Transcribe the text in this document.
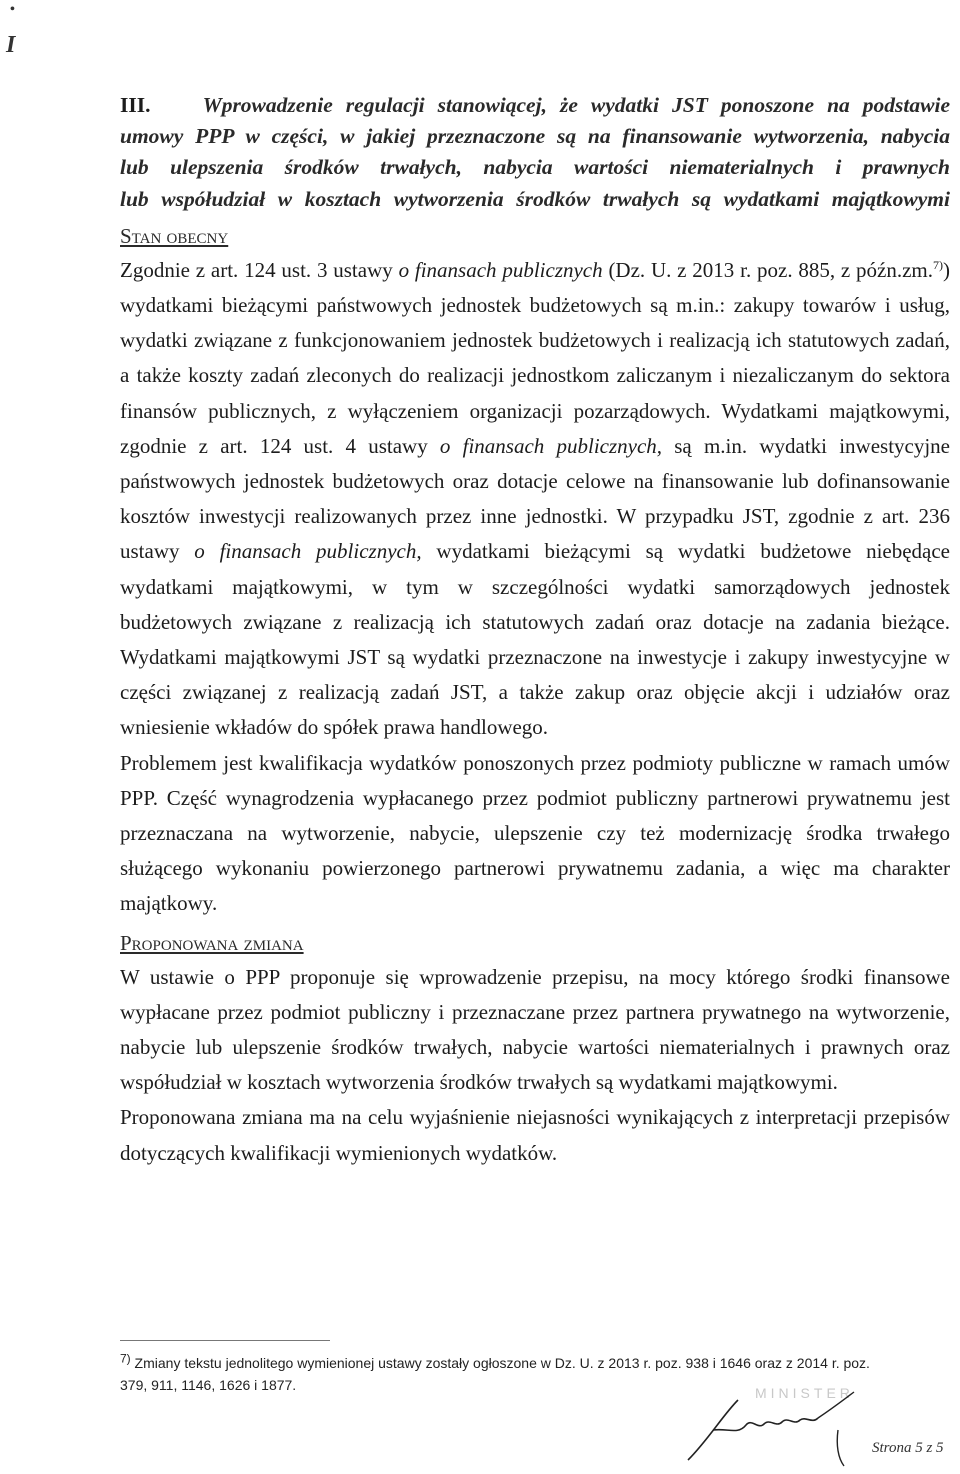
•
I

III. Wprowadzenie regulacji stanowiącej, że wydatki JST ponoszone na podstawie

umowy PPP w części, w jakiej przeznaczone są na finansowanie wytworzenia, nabycia

lub ulepszenia środków trwałych, nabycia wartości niematerialnych i prawnych

lub współudział w kosztach wytworzenia środków trwałych są wydatkami majątkowymi

Stan obecny

Zgodnie z art. 124 ust. 3 ustawy o finansach publicznych (Dz. U. z 2013 r. poz. 885, z późn.zm.$^{7)}$) wydatkami bieżącymi państwowych jednostek budżetowych są m.in.: zakupy towarów i usług, wydatki związane z funkcjonowaniem jednostek budżetowych i realizacją ich statutowych zadań, a także koszty zadań zleconych do realizacji jednostkom zaliczanym i niezaliczanym do sektora finansów publicznych, z wyłączeniem organizacji pozarządowych. Wydatkami majątkowymi, zgodnie z art. 124 ust. 4 ustawy o finansach publicznych, są m.in. wydatki inwestycyjne państwowych jednostek budżetowych oraz dotacje celowe na finansowanie lub dofinansowanie kosztów inwestycji realizowanych przez inne jednostki. W przypadku JST, zgodnie z art. 236 ustawy o finansach publicznych, wydatkami bieżącymi są wydatki budżetowe niebędące wydatkami majątkowymi, w tym w szczególności wydatki samorządowych jednostek budżetowych związane z realizacją ich statutowych zadań oraz dotacje na zadania bieżące. Wydatkami majątkowymi JST są wydatki przeznaczone na inwestycje i zakupy inwestycyjne w części związanej z realizacją zadań JST, a także zakup oraz objęcie akcji i udziałów oraz wniesienie wkładów do spółek prawa handlowego.

Problemem jest kwalifikacja wydatków ponoszonych przez podmioty publiczne w ramach umów PPP. Część wynagrodzenia wypłacanego przez podmiot publiczny partnerowi prywatnemu jest przeznaczana na wytworzenie, nabycie, ulepszenie czy też modernizację środka trwałego służącego wykonaniu powierzonego partnerowi prywatnemu zadania, a więc ma charakter majątkowy.

Proponowana zmiana

W ustawie o PPP proponuje się wprowadzenie przepisu, na mocy którego środki finansowe wypłacane przez podmiot publiczny i przeznaczane przez partnera prywatnego na wytworzenie, nabycie lub ulepszenie środków trwałych, nabycie wartości niematerialnych i prawnych oraz współudział w kosztach wytworzenia środków trwałych są wydatkami majątkowymi.

Proponowana zmiana ma na celu wyjaśnienie niejasności wynikających z interpretacji przepisów dotyczących kwalifikacji wymienionych wydatków.

$^{7)}$ Zmiany tekstu jednolitego wymienionej ustawy zostały ogłoszone w Dz. U. z 2013 r. poz. 938 i 1646 oraz z 2014 r. poz. 379, 911, 1146, 1626 i 1877.	MINISTER
Strona 5 z 5
